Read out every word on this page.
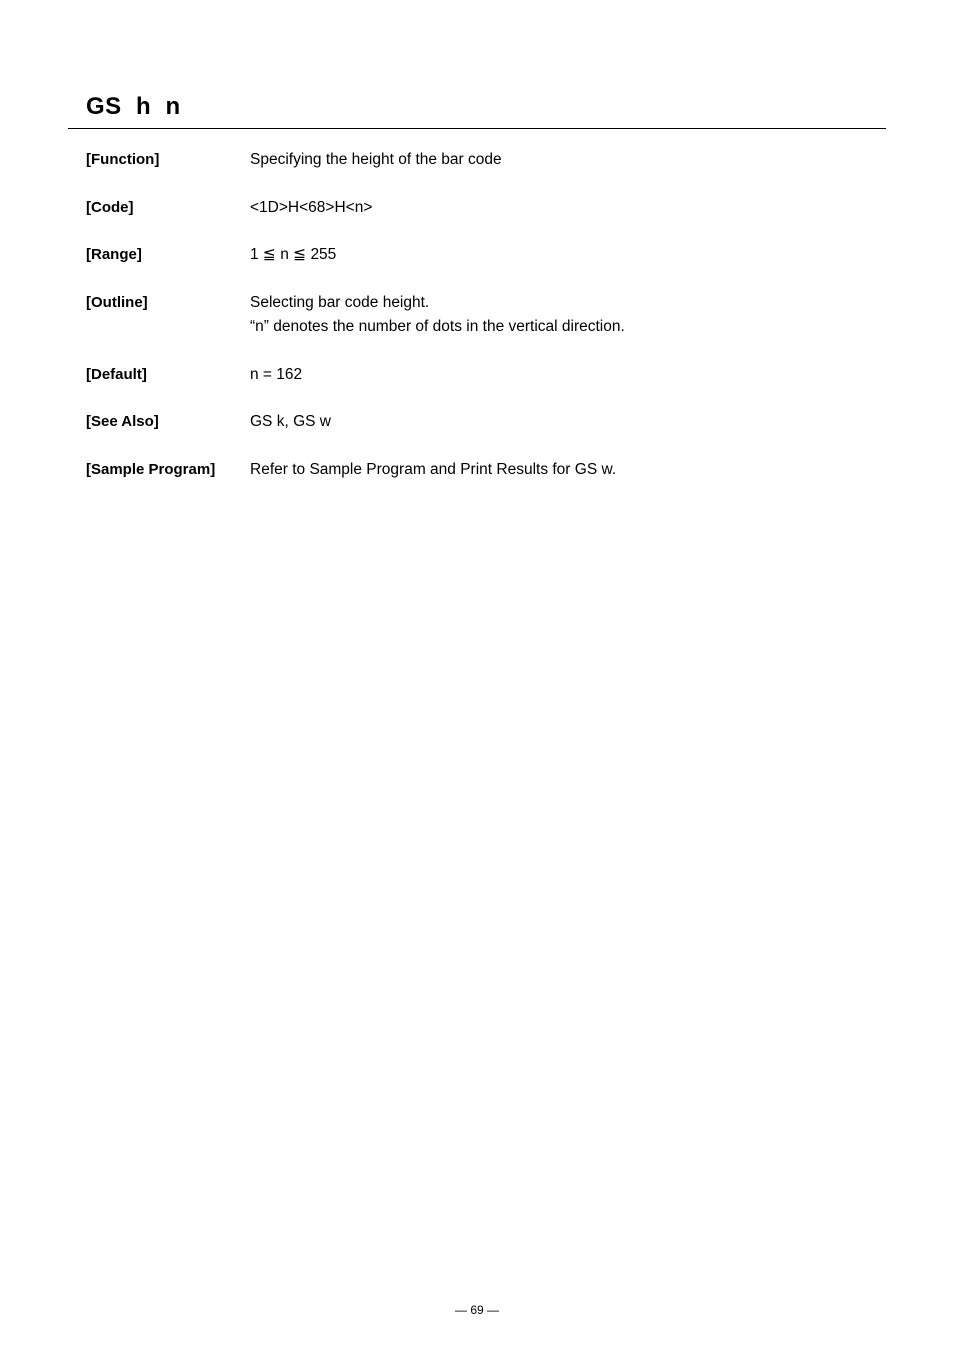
GS  h  n
[Function]	Specifying the height of the bar code
[Code]	<1D>H<68>H<n>
[Range]	1 ≦ n ≦ 255
[Outline]	Selecting bar code height.
“n” denotes the number of dots in the vertical direction.
[Default]	n = 162
[See Also]	GS k, GS w
[Sample Program] Refer to Sample Program and Print Results for GS w.
— 69 —
